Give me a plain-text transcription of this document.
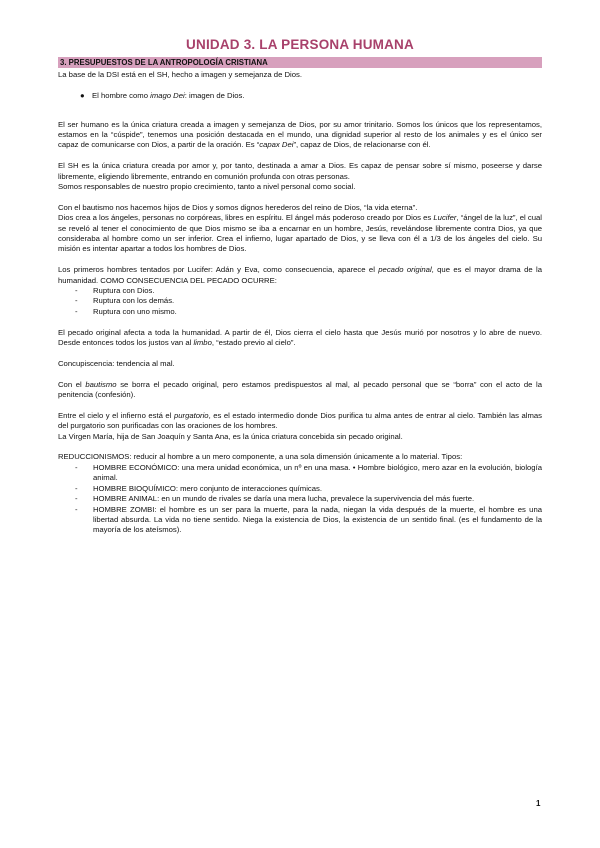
UNIDAD 3. LA PERSONA HUMANA
3. PRESUPUESTOS DE LA ANTROPOLOGÍA CRISTIANA

La base de la DSI está en el SH, hecho a imagen y semejanza de Dios.

● El hombre como imago Dei: imagen de Dios.

El ser humano es la única criatura creada a imagen y semejanza de Dios, por su amor trinitario. Somos los únicos que los representamos, estamos en la “cúspide”, tenemos una posición destacada en el mundo, una dignidad superior al resto de los animales y es el único ser capaz de comunicarse con Dios, a partir de la oración. Es “capax Dei”, capaz de Dios, de relacionarse con él.

El SH es la única criatura creada por amor y, por tanto, destinada a amar a Dios. Es capaz de pensar sobre sí mismo, poseerse y darse libremente, eligiendo libremente, entrando en comunión profunda con otras personas.

Somos responsables de nuestro propio crecimiento, tanto a nivel personal como social.

Con el bautismo nos hacemos hijos de Dios y somos dignos herederos del reino de Dios, “la vida eterna”.

Dios crea a los ángeles, personas no corpóreas, libres en espíritu. El ángel más poderoso creado por Dios es Lucifer, “ángel de la luz”, el cual se reveló al tener el conocimiento de que Dios mismo se iba a encarnar en un hombre, Jesús, revelándose libremente contra Dios, ya que consideraba al hombre como un ser inferior. Crea el infierno, lugar apartado de Dios, y se lleva con él a 1/3 de los ángeles del cielo. Su misión es intentar apartar a todos los hombres de Dios.

Los primeros hombres tentados por Lucifer: Adán y Eva, como consecuencia, aparece el pecado original, que es el mayor drama de la humanidad. COMO CONSECUENCIA DEL PECADO OCURRE:

- Ruptura con Dios.
- Ruptura con los demás.
- Ruptura con uno mismo.

El pecado original afecta a toda la humanidad. A partir de él, Dios cierra el cielo hasta que Jesús murió por nosotros y lo abre de nuevo. Desde entonces todos los justos van al limbo, “estado previo al cielo”.

Concupiscencia: tendencia al mal.

Con el bautismo se borra el pecado original, pero estamos predispuestos al mal, al pecado personal que se “borra” con el acto de la penitencia (confesión).

Entre el cielo y el infierno está el purgatorio, es el estado intermedio donde Dios purifica tu alma antes de entrar al cielo. También las almas del purgatorio son purificadas con las oraciones de los hombres.

La Virgen María, hija de San Joaquín y Santa Ana, es la única criatura concebida sin pecado original.

REDUCCIONISMOS: reducir al hombre a un mero componente, a una sola dimensión únicamente a lo material. Tipos:

- HOMBRE ECONÓMICO: una mera unidad económica, un nº en una masa. • Hombre biológico, mero azar en la evolución, biología animal.
- HOMBRE BIOQUÍMICO: mero conjunto de interacciones químicas.
- HOMBRE ANIMAL: en un mundo de rivales se daría una mera lucha, prevalece la supervivencia del más fuerte.
- HOMBRE ZOMBI: el hombre es un ser para la muerte, para la nada, niegan la vida después de la muerte, el hombre es una libertad absurda. La vida no tiene sentido. Niega la existencia de Dios, la existencia de un sentido final. (es el fundamento de la mayoría de los ateísmos).
1
